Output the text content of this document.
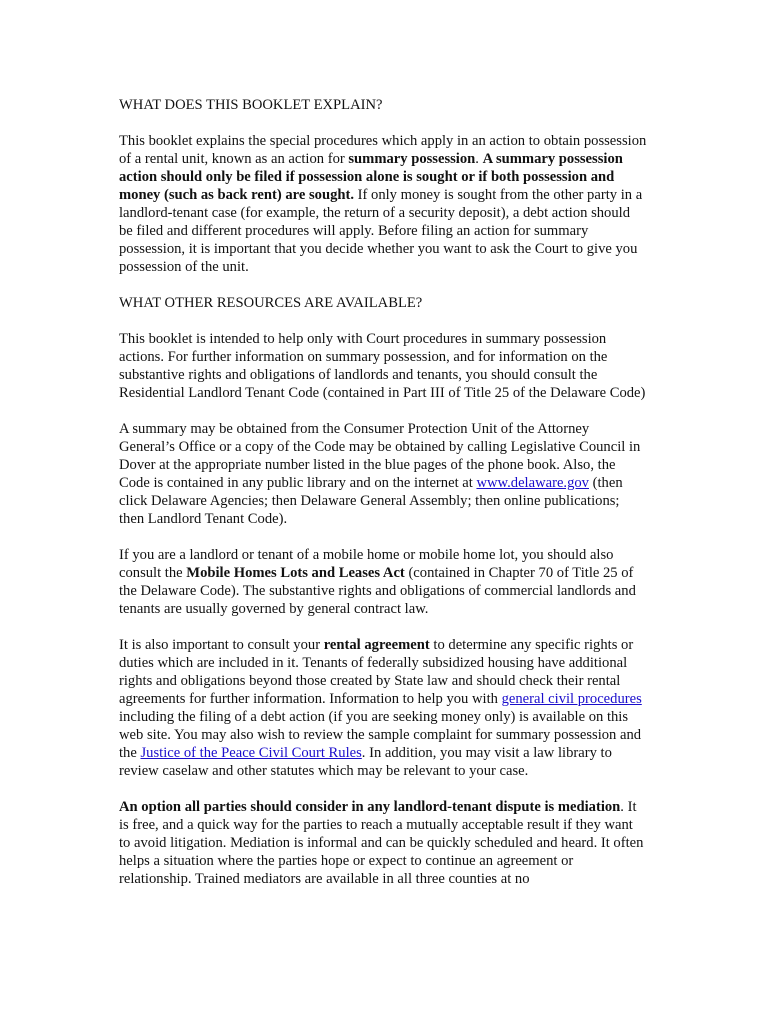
WHAT DOES THIS BOOKLET EXPLAIN?

This booklet explains the special procedures which apply in an action to obtain possession of a rental unit, known as an action for summary possession. A summary possession action should only be filed if possession alone is sought or if both possession and money (such as back rent) are sought. If only money is sought from the other party in a landlord-tenant case (for example, the return of a security deposit), a debt action should be filed and different procedures will apply. Before filing an action for summary possession, it is important that you decide whether you want to ask the Court to give you possession of the unit.

WHAT OTHER RESOURCES ARE AVAILABLE?

This booklet is intended to help only with Court procedures in summary possession actions. For further information on summary possession, and for information on the substantive rights and obligations of landlords and tenants, you should consult the Residential Landlord Tenant Code (contained in Part III of Title 25 of the Delaware Code)

A summary may be obtained from the Consumer Protection Unit of the Attorney General’s Office or a copy of the Code may be obtained by calling Legislative Council in Dover at the appropriate number listed in the blue pages of the phone book. Also, the Code is contained in any public library and on the internet at www.delaware.gov (then click Delaware Agencies; then Delaware General Assembly; then online publications; then Landlord Tenant Code).

If you are a landlord or tenant of a mobile home or mobile home lot, you should also consult the Mobile Homes Lots and Leases Act (contained in Chapter 70 of Title 25 of the Delaware Code). The substantive rights and obligations of commercial landlords and tenants are usually governed by general contract law.

It is also important to consult your rental agreement to determine any specific rights or duties which are included in it. Tenants of federally subsidized housing have additional rights and obligations beyond those created by State law and should check their rental agreements for further information. Information to help you with general civil procedures including the filing of a debt action (if you are seeking money only) is available on this web site. You may also wish to review the sample complaint for summary possession and the Justice of the Peace Civil Court Rules. In addition, you may visit a law library to review caselaw and other statutes which may be relevant to your case.

An option all parties should consider in any landlord-tenant dispute is mediation. It is free, and a quick way for the parties to reach a mutually acceptable result if they want to avoid litigation. Mediation is informal and can be quickly scheduled and heard. It often helps a situation where the parties hope or expect to continue an agreement or relationship. Trained mediators are available in all three counties at no
